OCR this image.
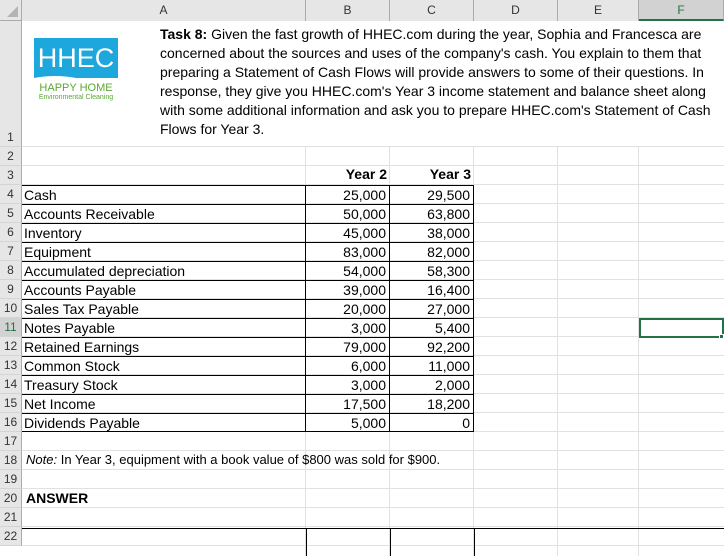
A	B	C	D	E	F
1
2
3
4
5
6
7
8
9
10
11
12
13
14
15
16
17
18
19
20
21
22
HHEC
HAPPY HOME
Environmental Cleaning
Task 8: Given the fast growth of HHEC.com during the year, Sophia and Francesca are concerned about the sources and uses of the company's cash. You explain to them that preparing a Statement of Cash Flows will provide answers to some of their questions. In response, they give you HHEC.com's Year 3 income statement and balance sheet along with some additional information and ask you to prepare HHEC.com's Statement of Cash Flows for Year 3.
Year 2	Year 3
Cash	25,000	29,500
Accounts Receivable	50,000	63,800
Inventory	45,000	38,000
Equipment	83,000	82,000
Accumulated depreciation	54,000	58,300
Accounts Payable	39,000	16,400
Sales Tax Payable	20,000	27,000
Notes Payable	3,000	5,400
Retained Earnings	79,000	92,200
Common Stock	6,000	11,000
Treasury Stock	3,000	2,000
Net Income	17,500	18,200
Dividends Payable	5,000	0
Note: In Year 3, equipment with a book value of $800 was sold for $900.
ANSWER
